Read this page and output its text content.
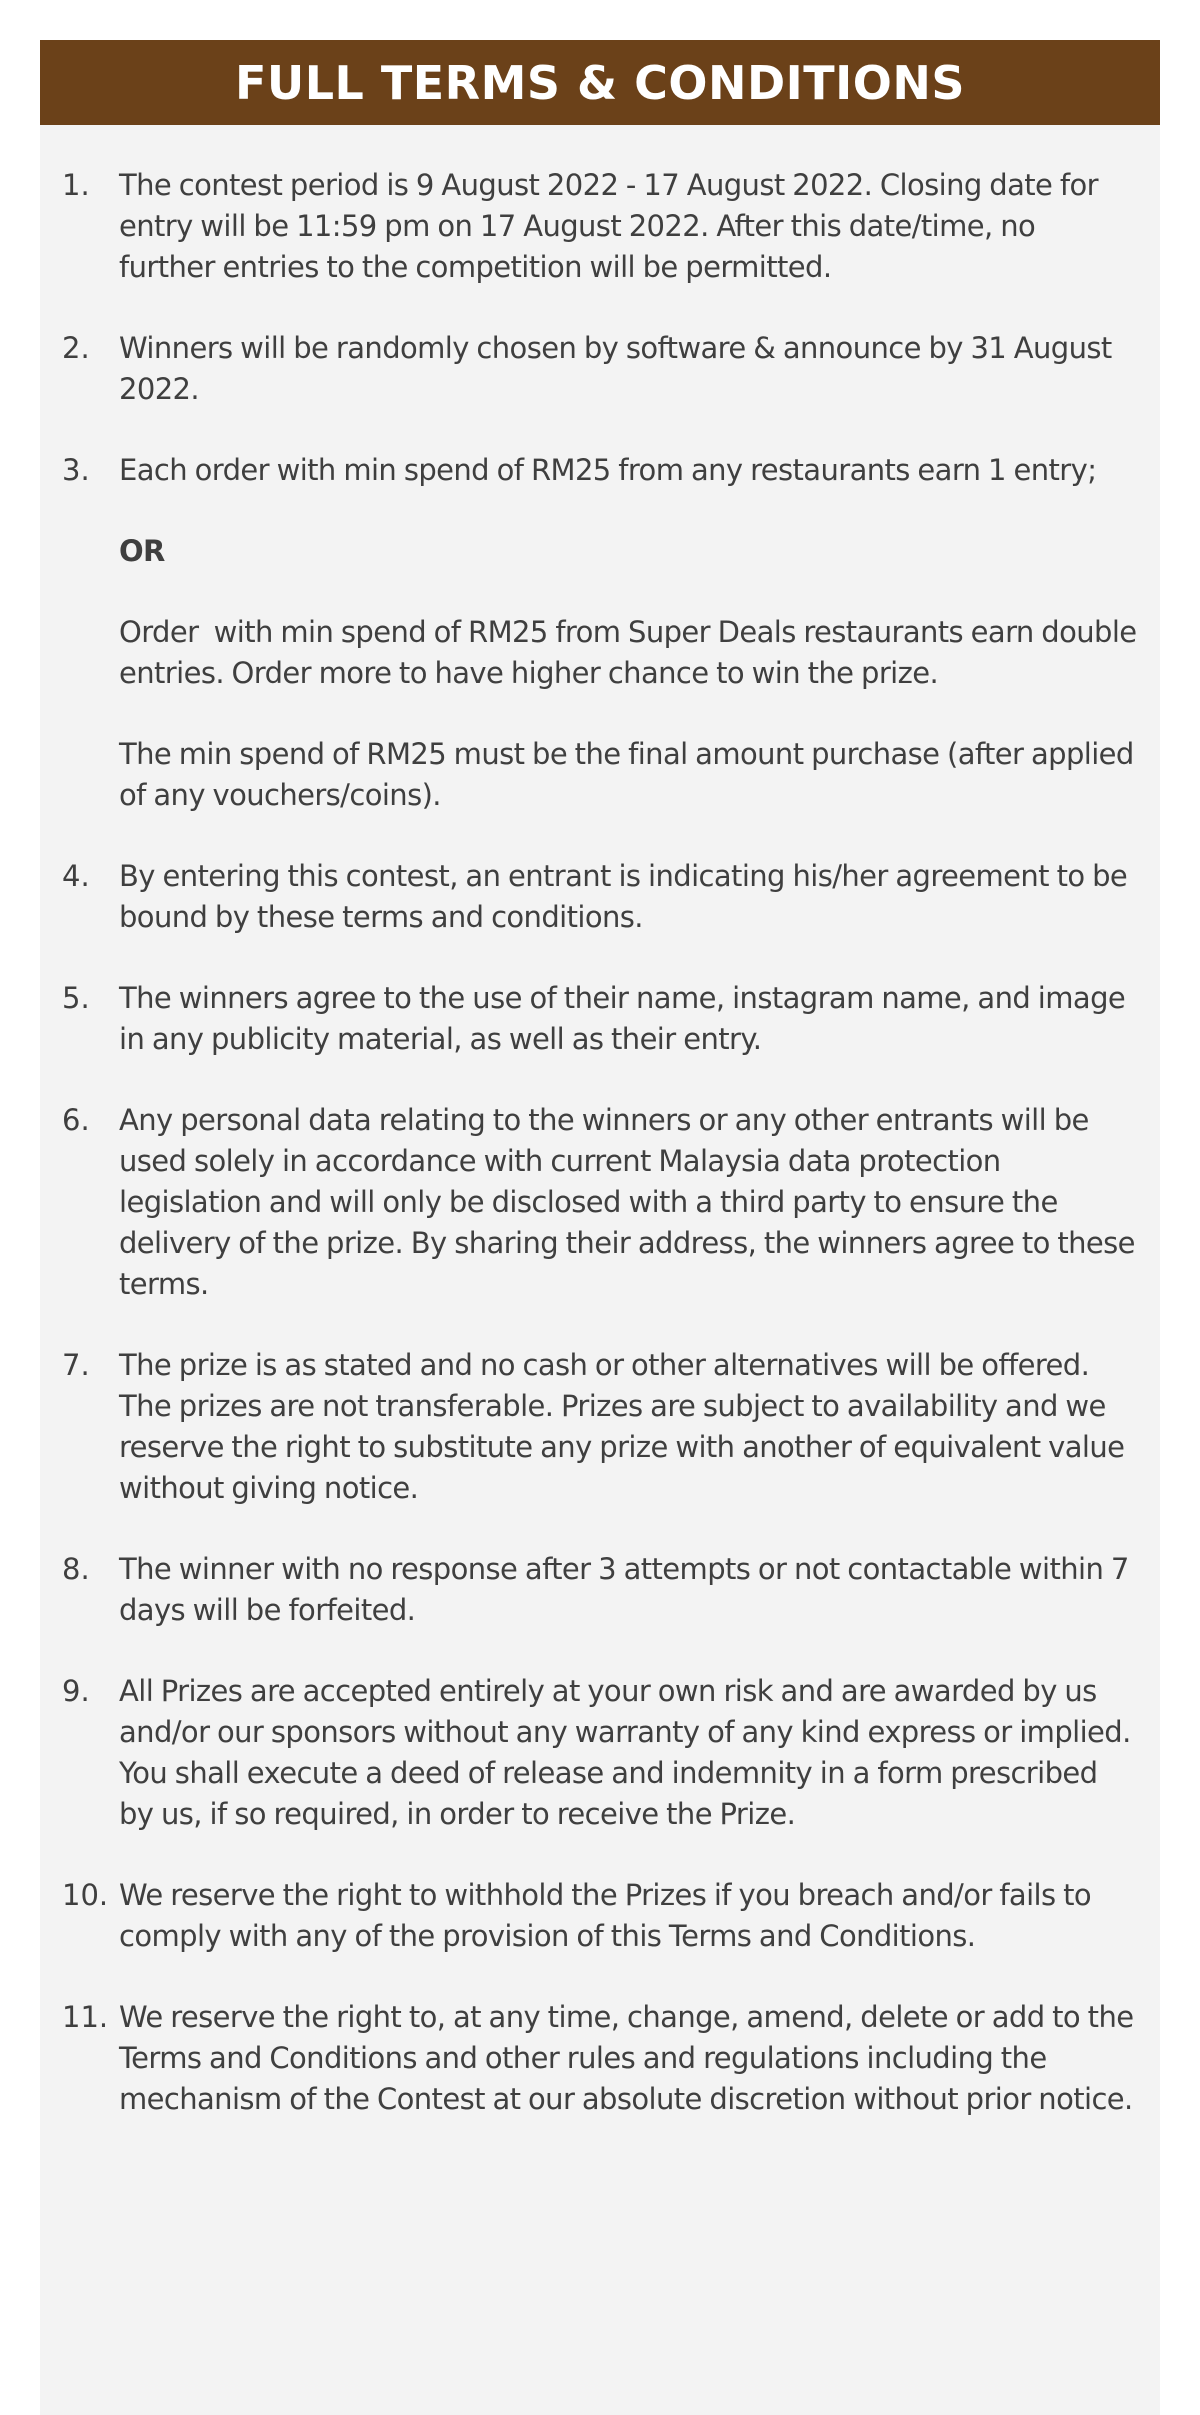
FULL TERMS & CONDITIONS
1.	The contest period is 9 August 2022 - 17 August 2022. Closing date for entry will be 11:59 pm on 17 August 2022. After this date/time, no further entries to the competition will be permitted.

2.	Winners will be randomly chosen by software & announce by 31 August 2022.

3.	Each order with min spend of RM25 from any restaurants earn 1 entry;

OR

Order  with min spend of RM25 from Super Deals restaurants earn double entries. Order more to have higher chance to win the prize.

The min spend of RM25 must be the final amount purchase (after applied of any vouchers/coins).

4.	By entering this contest, an entrant is indicating his/her agreement to be bound by these terms and conditions.

5.	The winners agree to the use of their name, instagram name, and image in any publicity material, as well as their entry.

6.	Any personal data relating to the winners or any other entrants will be used solely in accordance with current Malaysia data protection legislation and will only be disclosed with a third party to ensure the delivery of the prize. By sharing their address, the winners agree to these terms.

7.	The prize is as stated and no cash or other alternatives will be offered. The prizes are not transferable. Prizes are subject to availability and we reserve the right to substitute any prize with another of equivalent value without giving notice.

8.	The winner with no response after 3 attempts or not contactable within 7 days will be forfeited.

9.	All Prizes are accepted entirely at your own risk and are awarded by us and/or our sponsors without any warranty of any kind express or implied. You shall execute a deed of release and indemnity in a form prescribed by us, if so required, in order to receive the Prize.

10. We reserve the right to withhold the Prizes if you breach and/or fails to comply with any of the provision of this Terms and Conditions.

11. We reserve the right to, at any time, change, amend, delete or add to the Terms and Conditions and other rules and regulations including the mechanism of the Contest at our absolute discretion without prior notice.
